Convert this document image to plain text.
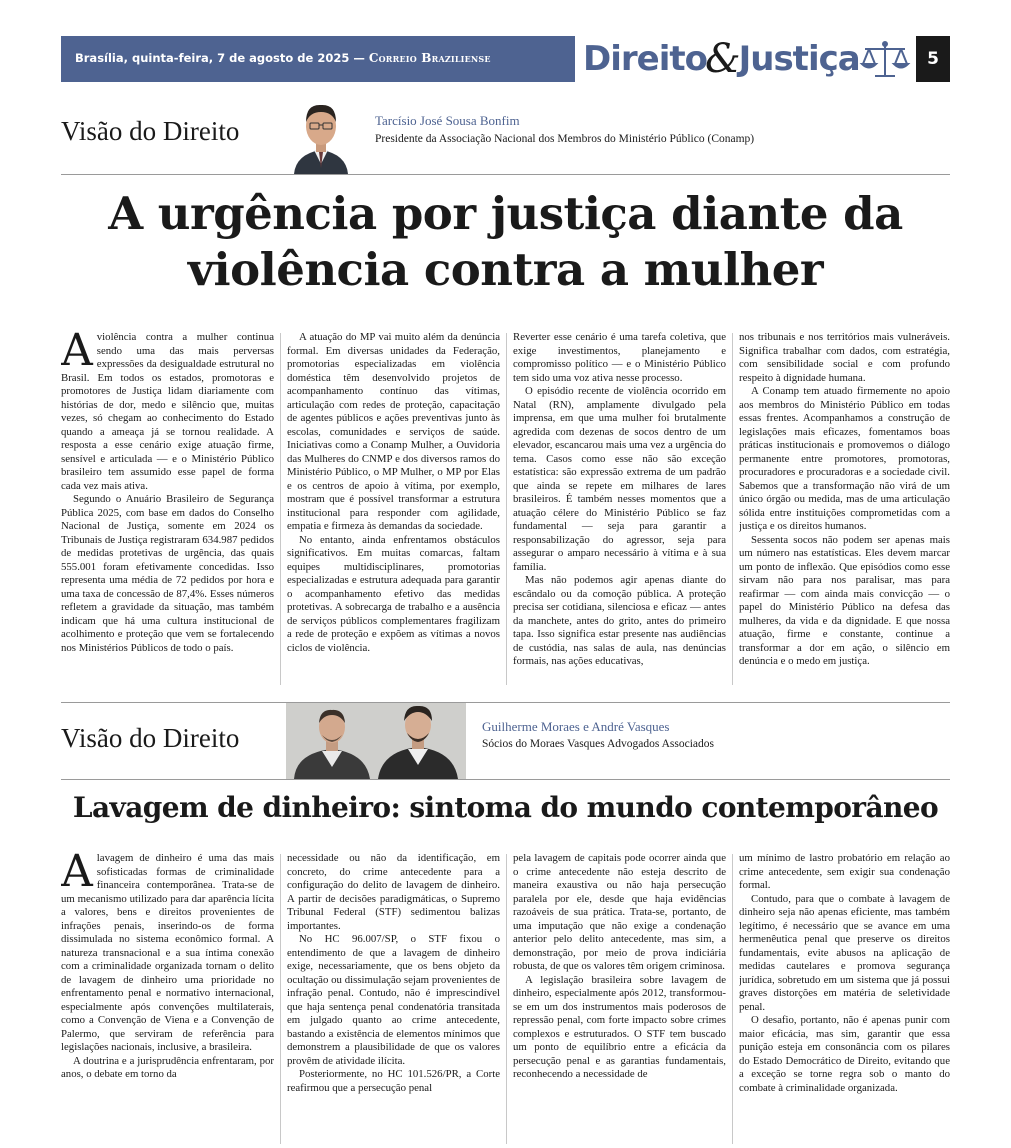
Brasília, quinta-feira, 7 de agosto de 2025 — Correio Braziliense	Direito
&
Justiça	5
Visão do Direito	Tarcísio José Sousa Bonfim
Presidente da Associação Nacional dos Membros do Ministério Público (Conamp)
A urgência por justiça diante da
violência contra a mulher

A violência contra a mulher continua sendo uma das mais perversas expressões da desigualdade estrutural no Brasil. Em todos os estados, promotoras e promotores de Justiça lidam diariamente com histórias de dor, medo e silêncio que, muitas vezes, só chegam ao conhecimento do Estado quando a ameaça já se tornou realidade. A resposta a esse cenário exige atuação firme, sensível e articulada — e o Ministério Público brasileiro tem assumido esse papel de forma cada vez mais ativa.

Segundo o Anuário Brasileiro de Segurança Pública 2025, com base em dados do Conselho Nacional de Justiça, somente em 2024 os Tribunais de Justiça registraram 634.987 pedidos de medidas protetivas de urgência, das quais 555.001 foram efetivamente concedidas. Isso representa uma média de 72 pedidos por hora e uma taxa de concessão de 87,4%. Esses números refletem a gravidade da situação, mas também indicam que há uma cultura institucional de acolhimento e proteção que vem se fortalecendo nos Ministérios Públicos de todo o país.

A atuação do MP vai muito além da denúncia formal. Em diversas unidades da Federação, promotorias especializadas em violência doméstica têm desenvolvido projetos de acompanhamento contínuo das vítimas, articulação com redes de proteção, capacitação de agentes públicos e ações preventivas junto às escolas, comunidades e serviços de saúde. Iniciativas como a Conamp Mulher, a Ouvidoria das Mulheres do CNMP e dos diversos ramos do Ministério Público, o MP Mulher, o MP por Elas e os centros de apoio à vítima, por exemplo, mostram que é possível transformar a estrutura institucional para responder com agilidade, empatia e firmeza às demandas da sociedade.

No entanto, ainda enfrentamos obstáculos significativos. Em muitas comarcas, faltam equipes multidisciplinares, promotorias especializadas e estrutura adequada para garantir o acompanhamento efetivo das medidas protetivas. A sobrecarga de trabalho e a ausência de serviços públicos complementares fragilizam a rede de proteção e expõem as vítimas a novos ciclos de violência.

Reverter esse cenário é uma tarefa coletiva, que exige investimentos, planejamento e compromisso político — e o Ministério Público tem sido uma voz ativa nesse processo.

O episódio recente de violência ocorrido em Natal (RN), amplamente divulgado pela imprensa, em que uma mulher foi brutalmente agredida com dezenas de socos dentro de um elevador, escancarou mais uma vez a urgência do tema. Casos como esse não são exceção estatística: são expressão extrema de um padrão que ainda se repete em milhares de lares brasileiros. É também nesses momentos que a atuação célere do Ministério Público se faz fundamental — seja para garantir a responsabilização do agressor, seja para assegurar o amparo necessário à vítima e à sua família.

Mas não podemos agir apenas diante do escândalo ou da comoção pública. A proteção precisa ser cotidiana, silenciosa e eficaz — antes da manchete, antes do grito, antes do primeiro tapa. Isso significa estar presente nas audiências de custódia, nas salas de aula, nas denúncias formais, nas ações educativas,

nos tribunais e nos territórios mais vulneráveis. Significa trabalhar com dados, com estratégia, com sensibilidade social e com profundo respeito à dignidade humana.

A Conamp tem atuado firmemente no apoio aos membros do Ministério Público em todas essas frentes. Acompanhamos a construção de legislações mais eficazes, fomentamos boas práticas institucionais e promovemos o diálogo permanente entre promotores, promotoras, procuradores e procuradoras e a sociedade civil. Sabemos que a transformação não virá de um único órgão ou medida, mas de uma articulação sólida entre instituições comprometidas com a justiça e os direitos humanos.

Sessenta socos não podem ser apenas mais um número nas estatísticas. Eles devem marcar um ponto de inflexão. Que episódios como esse sirvam não para nos paralisar, mas para reafirmar — com ainda mais convicção — o papel do Ministério Público na defesa das mulheres, da vida e da dignidade. E que nossa atuação, firme e constante, continue a transformar a dor em ação, o silêncio em denúncia e o medo em justiça.

Visão do Direito	Guilherme Moraes e André Vasques
Sócios do Moraes Vasques Advogados Associados
Lavagem de dinheiro: sintoma do mundo contemporâneo

A lavagem de dinheiro é uma das mais sofisticadas formas de criminalidade financeira contemporânea. Trata-se de um mecanismo utilizado para dar aparência lícita a valores, bens e direitos provenientes de infrações penais, inserindo-os de forma dissimulada no sistema econômico formal. A natureza transnacional e a sua íntima conexão com a criminalidade organizada tornam o delito de lavagem de dinheiro uma prioridade no enfrentamento penal e normativo internacional, especialmente após convenções multilaterais, como a Convenção de Viena e a Convenção de Palermo, que serviram de referência para legislações nacionais, inclusive, a brasileira.

A doutrina e a jurisprudência enfrentaram, por anos, o debate em torno da

necessidade ou não da identificação, em concreto, do crime antecedente para a configuração do delito de lavagem de dinheiro. A partir de decisões paradigmáticas, o Supremo Tribunal Federal (STF) sedimentou balizas importantes.

No HC 96.007/SP, o STF fixou o entendimento de que a lavagem de dinheiro exige, necessariamente, que os bens objeto da ocultação ou dissimulação sejam provenientes de infração penal. Contudo, não é imprescindível que haja sentença penal condenatória transitada em julgado quanto ao crime antecedente, bastando a existência de elementos mínimos que demonstrem a plausibilidade de que os valores provêm de atividade ilícita.

Posteriormente, no HC 101.526/PR, a Corte reafirmou que a persecução penal

pela lavagem de capitais pode ocorrer ainda que o crime antecedente não esteja descrito de maneira exaustiva ou não haja persecução paralela por ele, desde que haja evidências razoáveis de sua prática. Trata-se, portanto, de uma imputação que não exige a condenação anterior pelo delito antecedente, mas sim, a demonstração, por meio de prova indiciária robusta, de que os valores têm origem criminosa.

A legislação brasileira sobre lavagem de dinheiro, especialmente após 2012, transformou-se em um dos instrumentos mais poderosos de repressão penal, com forte impacto sobre crimes complexos e estruturados. O STF tem buscado um ponto de equilíbrio entre a eficácia da persecução penal e as garantias fundamentais, reconhecendo a necessidade de

um mínimo de lastro probatório em relação ao crime antecedente, sem exigir sua condenação formal.

Contudo, para que o combate à lavagem de dinheiro seja não apenas eficiente, mas também legítimo, é necessário que se avance em uma hermenêutica penal que preserve os direitos fundamentais, evite abusos na aplicação de medidas cautelares e promova segurança jurídica, sobretudo em um sistema que já possui graves distorções em matéria de seletividade penal.

O desafio, portanto, não é apenas punir com maior eficácia, mas sim, garantir que essa punição esteja em consonância com os pilares do Estado Democrático de Direito, evitando que a exceção se torne regra sob o manto do combate à criminalidade organizada.
